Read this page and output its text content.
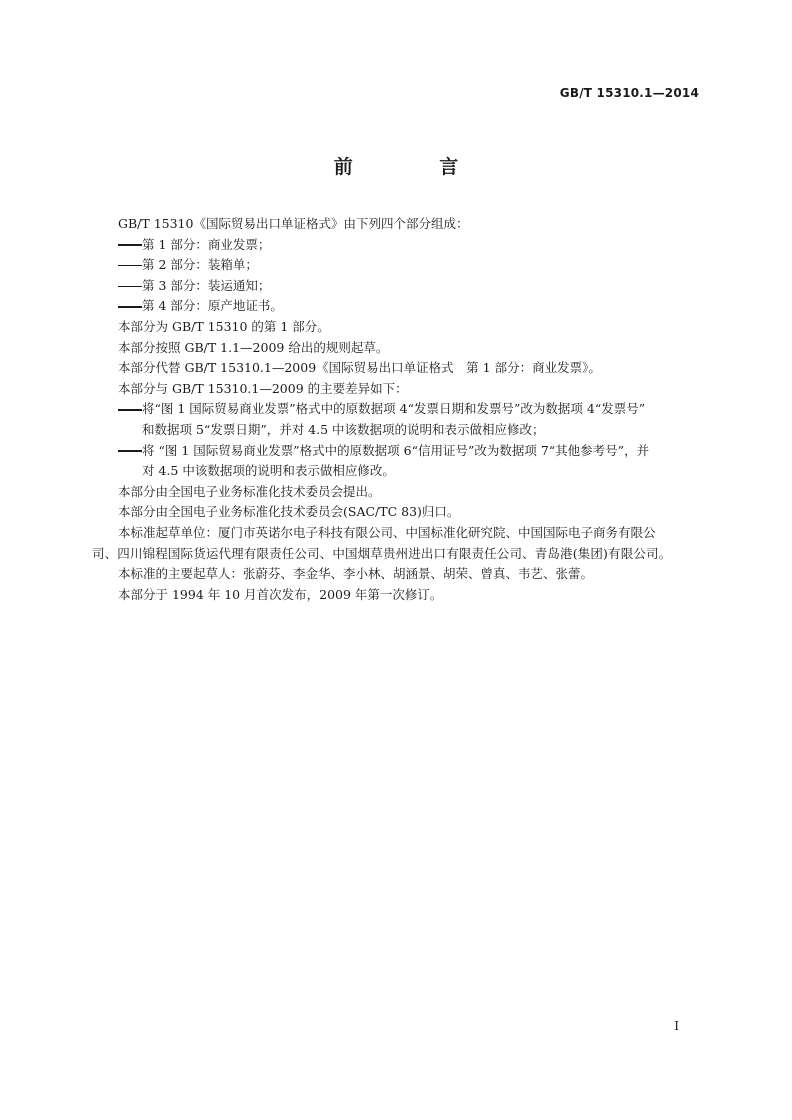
GB/T 15310.1—2014
前 言
GB/T 15310《国际贸易出口单证格式》由下列四个部分组成：
第 1 部分：商业发票；
第 2 部分：装箱单；
第 3 部分：装运通知；
第 4 部分：原产地证书。
本部分为 GB/T 15310 的第 1 部分。
本部分按照 GB/T 1.1—2009 给出的规则起草。
本部分代替 GB/T 15310.1—2009《国际贸易出口单证格式　第 1 部分：商业发票》。
本部分与 GB/T 15310.1—2009 的主要差异如下：
将“图 1 国际贸易商业发票”格式中的原数据项 4“发票日期和发票号”改为数据项 4“发票号”
和数据项 5“发票日期”，并对 4.5 中该数据项的说明和表示做相应修改；
将 “图 1 国际贸易商业发票”格式中的原数据项 6“信用证号”改为数据项 7“其他参考号”，并
对 4.5 中该数据项的说明和表示做相应修改。
本部分由全国电子业务标准化技术委员会提出。
本部分由全国电子业务标准化技术委员会(SAC/TC 83)归口。
本标准起草单位：厦门市英诺尔电子科技有限公司、中国标准化研究院、中国国际电子商务有限公
司、四川锦程国际货运代理有限责任公司、中国烟草贵州进出口有限责任公司、青岛港(集团)有限公司。
本标准的主要起草人：张蔚芬、李金华、李小林、胡涵景、胡荣、曾真、韦艺、张蕾。
本部分于 1994 年 10 月首次发布，2009 年第一次修订。
I
